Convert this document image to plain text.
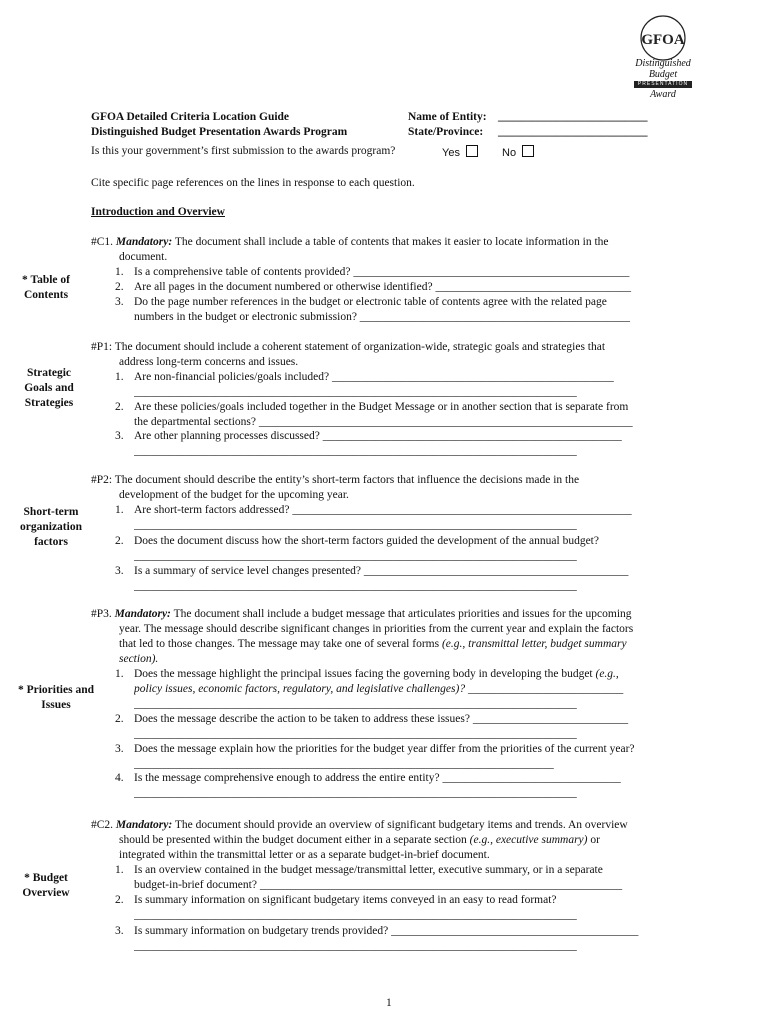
GFOA
Distinguished
Budget
PRESENTATION
Award
GFOA Detailed Criteria Location Guide
Distinguished Budget Presentation Awards Program
Name of Entity: __________________________
State/Province: __________________________
Is this your government’s first submission to the awards program?	Yes	No
Cite specific page references on the lines in response to each question.
Introduction and Overview
* Table of
Contents
Strategic
Goals and
Strategies
Short-term
organization
factors
* Priorities and
Issues
* Budget
Overview
#C1. Mandatory: The document shall include a table of contents that makes it easier to locate information in the
document.
1. Is a comprehensive table of contents provided? ________________________________________________
2. Are all pages in the document numbered or otherwise identified? __________________________________
3. Do the page number references in the budget or electronic table of contents agree with the related page
numbers in the budget or electronic submission? _______________________________________________
#P1: The document should include a coherent statement of organization-wide, strategic goals and strategies that
address long-term concerns and issues.
1. Are non-financial policies/goals included? _________________________________________________
_____________________________________________________________________________
2. Are these policies/goals included together in the Budget Message or in another section that is separate from
the departmental sections? _________________________________________________________________
3. Are other planning processes discussed? ____________________________________________________
_____________________________________________________________________________
#P2: The document should describe the entity’s short-term factors that influence the decisions made in the
development of the budget for the upcoming year.
1. Are short-term factors addressed? ___________________________________________________________
_____________________________________________________________________________
2. Does the document discuss how the short-term factors guided the development of the annual budget?
_____________________________________________________________________________
3. Is a summary of service level changes presented? ______________________________________________
_____________________________________________________________________________
#P3. Mandatory: The document shall include a budget message that articulates priorities and issues for the upcoming
year. The message should describe significant changes in priorities from the current year and explain the factors
that led to those changes. The message may take one of several forms (e.g., transmittal letter, budget summary
section).
1. Does the message highlight the principal issues facing the governing body in developing the budget (e.g.,
policy issues, economic factors, regulatory, and legislative challenges)? ___________________________
_____________________________________________________________________________
2. Does the message describe the action to be taken to address these issues? ___________________________
_____________________________________________________________________________
3. Does the message explain how the priorities for the budget year differ from the priorities of the current year?
_________________________________________________________________________
4. Is the message comprehensive enough to address the entire entity? _______________________________
_____________________________________________________________________________
#C2. Mandatory: The document should provide an overview of significant budgetary items and trends. An overview
should be presented within the budget document either in a separate section (e.g., executive summary) or
integrated within the transmittal letter or as a separate budget-in-brief document.
1. Is an overview contained in the budget message/transmittal letter, executive summary, or in a separate
budget-in-brief document? _______________________________________________________________
2. Is summary information on significant budgetary items conveyed in an easy to read format?
_____________________________________________________________________________
3. Is summary information on budgetary trends provided? ___________________________________________
_____________________________________________________________________________
1
